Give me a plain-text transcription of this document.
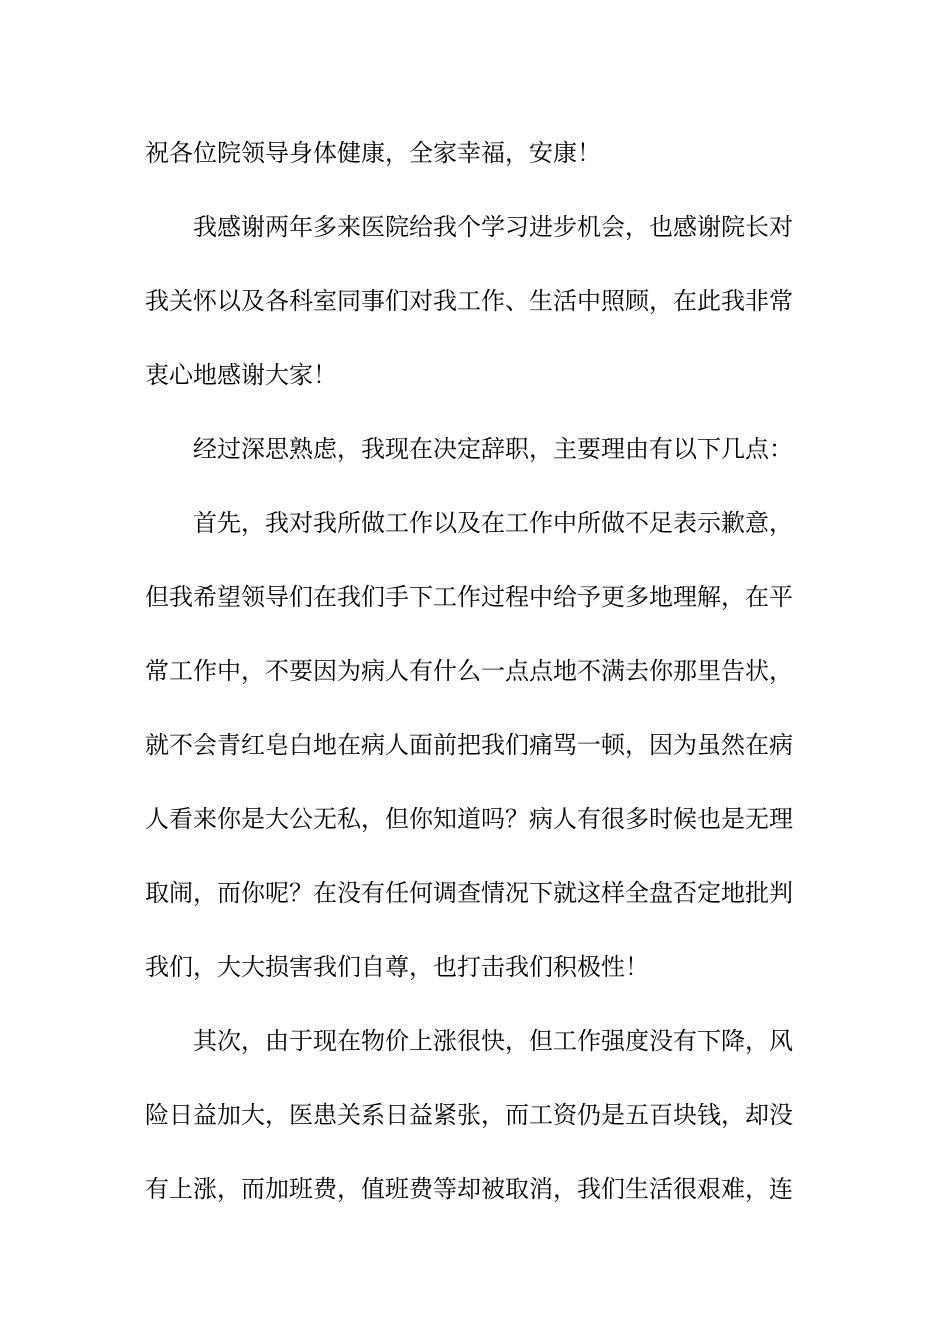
祝各位院领导身体健康，全家幸福，安康！
我感谢两年多来医院给我个学习进步机会，也感谢院长对
我关怀以及各科室同事们对我工作、生活中照顾，在此我非常
衷心地感谢大家！
经过深思熟虑，我现在决定辞职，主要理由有以下几点：
首先，我对我所做工作以及在工作中所做不足表示歉意，
但我希望领导们在我们手下工作过程中给予更多地理解，在平
常工作中，不要因为病人有什么一点点地不满去你那里告状，
就不会青红皂白地在病人面前把我们痛骂一顿，因为虽然在病
人看来你是大公无私，但你知道吗？病人有很多时候也是无理
取闹，而你呢？在没有任何调查情况下就这样全盘否定地批判
我们，大大损害我们自尊，也打击我们积极性！
其次，由于现在物价上涨很快，但工作强度没有下降，风
险日益加大，医患关系日益紧张，而工资仍是五百块钱，却没
有上涨，而加班费，值班费等却被取消，我们生活很艰难，连
